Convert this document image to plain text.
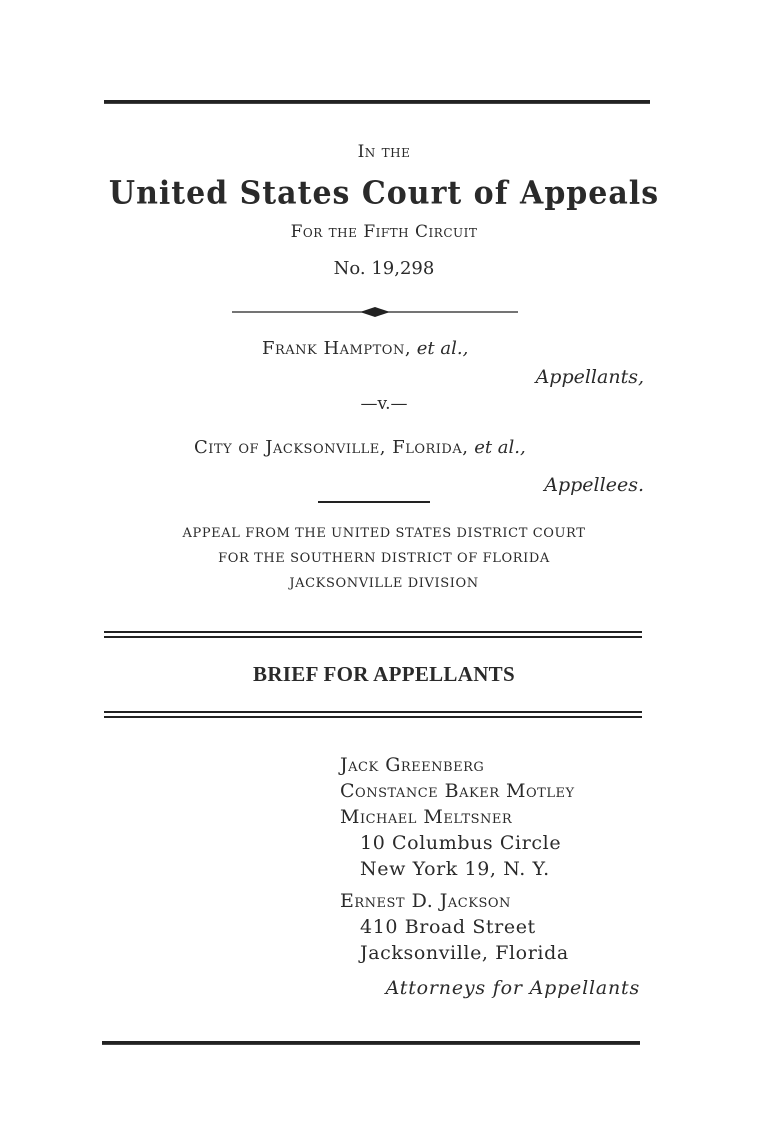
In the
United States Court of Appeals
For the Fifth Circuit
No. 19,298
Frank Hampton, et al.,
Appellants,
—v.—
City of Jacksonville, Florida, et al.,
Appellees.
APPEAL FROM THE UNITED STATES DISTRICT COURT
FOR THE SOUTHERN DISTRICT OF FLORIDA
JACKSONVILLE DIVISION
BRIEF FOR APPELLANTS
Jack Greenberg
Constance Baker Motley
Michael Meltsner
10 Columbus Circle
New York 19, N. Y.
Ernest D. Jackson
410 Broad Street
Jacksonville, Florida
Attorneys for Appellants
